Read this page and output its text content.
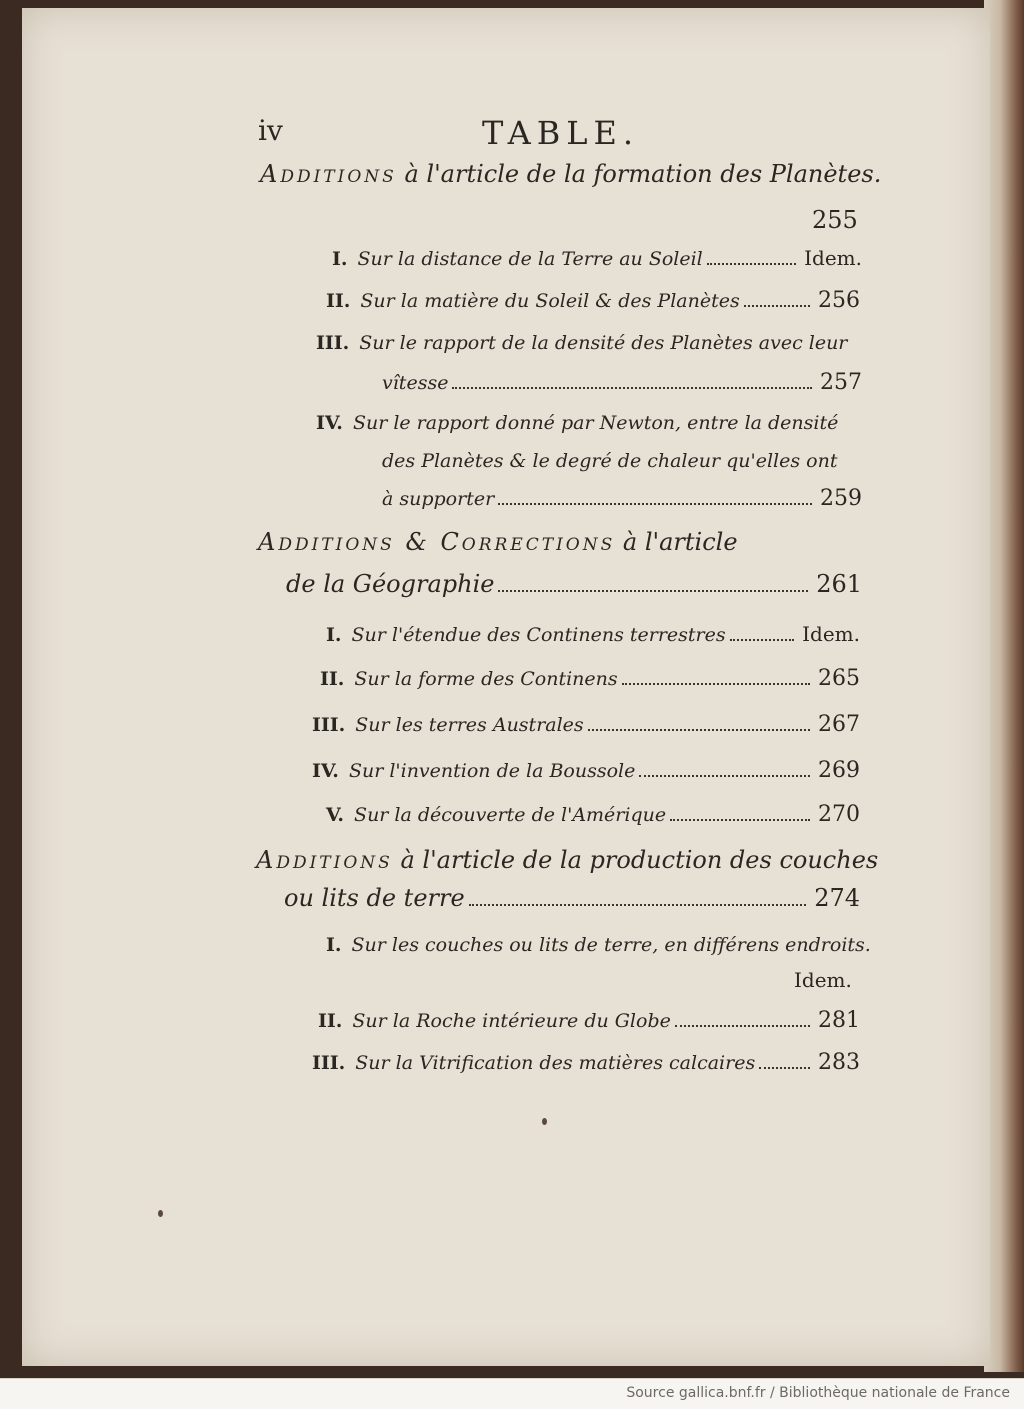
iv	TABLE.
Additions à l'article de la formation des Planètes.
255
I. Sur la distance de la Terre au Soleil	Idem.
II. Sur la matière du Soleil & des Planètes	256
III. Sur le rapport de la densité des Planètes avec leur
vîtesse	257
IV. Sur le rapport donné par Newton, entre la densité
des Planètes & le degré de chaleur qu'elles ont
à supporter	259
Additions & Corrections à l'article
de la Géographie	261
I. Sur l'étendue des Continens terrestres	Idem.
II. Sur la forme des Continens	265
III. Sur les terres Australes	267
IV. Sur l'invention de la Boussole	269
V. Sur la découverte de l'Amérique	270
Additions à l'article de la production des couches
ou lits de terre	274
I. Sur les couches ou lits de terre, en différens endroits.
Idem.
II. Sur la Roche intérieure du Globe	281
III. Sur la Vitrification des matières calcaires	283
Source gallica.bnf.fr / Bibliothèque nationale de France
